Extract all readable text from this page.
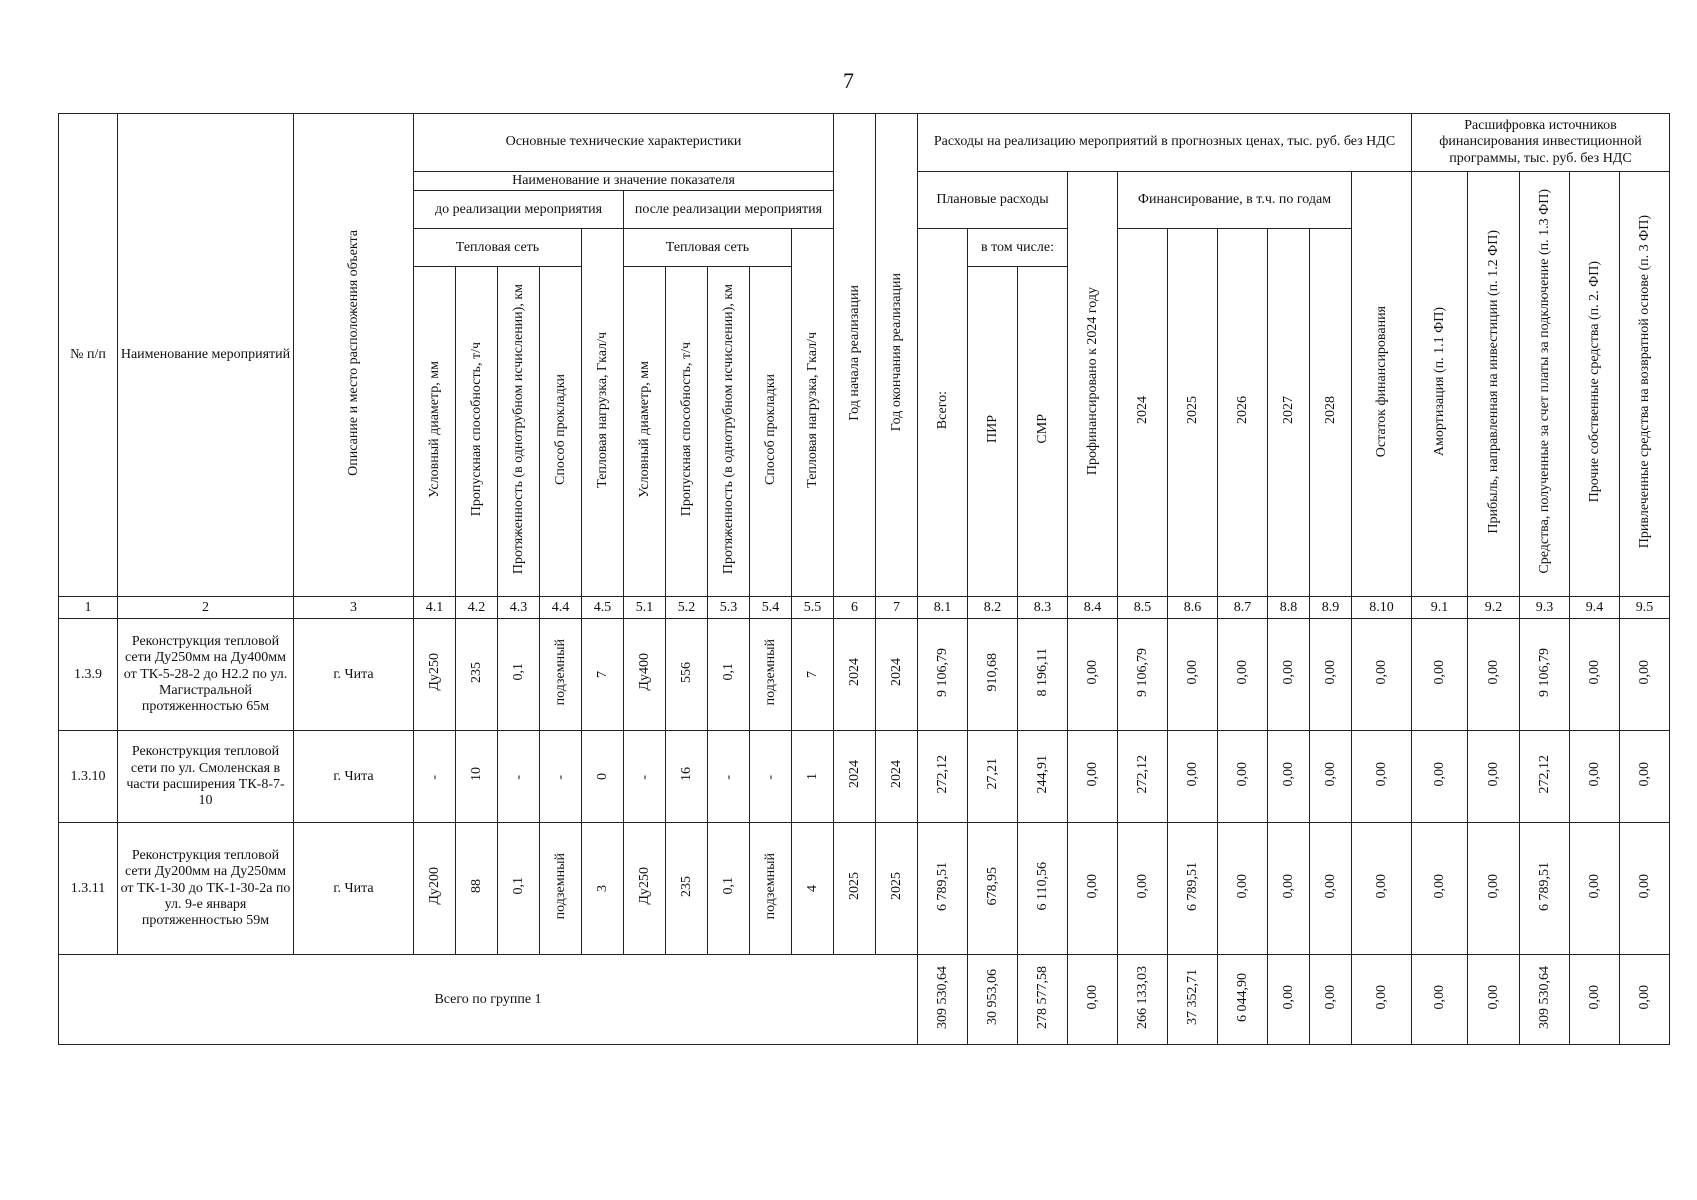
7
№ п/п	Наименование мероприятий	Описание и место расположения объекта	Основные технические характеристики										Год начала реализации	Год окончания реализации	Расходы на реализацию мероприятий в прогнозных ценах, тыс. руб. без НДС										Расшифровка источников финансирования инвестиционной программы, тыс. руб. без НДС				
			Наименование и значение показателя												Плановые расходы			Профинансировано к 2024 году	Финансирование, в т.ч. по годам					Остаток финансирования	Амортизация (п. 1.1 ФП)	Прибыль, направленная на инвестиции (п. 1.2 ФП)	Средства, полученные за счет платы за подключение (п. 1.3 ФП)	Прочие собственные средства (п. 2. ФП)	Привлеченные средства на возвратной основе (п. 3 ФП)
			до реализации мероприятия					после реализации мероприятия																					
			Тепловая сеть				Тепловая нагрузка, Гкал/ч	Тепловая сеть				Тепловая нагрузка, Гкал/ч			Всего:	в том числе:			2024	2025	2026	2027	2028						
			Условный диаметр, мм	Пропускная способность, т/ч	Протяженность (в однотрубном исчислении), км	Способ прокладки		Условный диаметр, мм	Пропускная способность, т/ч	Протяженность (в однотрубном исчислении), км	Способ прокладки					ПИР	СМР												

1	2	3	4.1	4.2	4.3	4.4	4.5	5.1	5.2	5.3	5.4	5.5	6	7	8.1	8.2	8.3	8.4	8.5	8.6	8.7	8.8	8.9	8.10	9.1	9.2	9.3	9.4	9.5
1.3.9	Реконструкция тепловой сети Ду250мм на Ду400мм от ТК-5-28-2 до Н2.2 по ул. Магистральной протяженностью 65м	г. Чита	Ду250	235	0,1	подземный	7	Ду400	556	0,1	подземный	7	2024	2024	9 106,79	910,68	8 196,11	0,00	9 106,79	0,00	0,00	0,00	0,00	0,00	0,00	0,00	9 106,79	0,00	0,00
1.3.10	Реконструкция тепловой сети по ул. Смоленская в части расширения ТК-8-7-10	г. Чита	-	10	-	-	0	-	16	-	-	1	2024	2024	272,12	27,21	244,91	0,00	272,12	0,00	0,00	0,00	0,00	0,00	0,00	0,00	272,12	0,00	0,00
1.3.11	Реконструкция тепловой сети Ду200мм на Ду250мм от ТК-1-30 до ТК-1-30-2а по ул. 9-е января протяженностью 59м	г. Чита	Ду200	88	0,1	подземный	3	Ду250	235	0,1	подземный	4	2025	2025	6 789,51	678,95	6 110,56	0,00	0,00	6 789,51	0,00	0,00	0,00	0,00	0,00	0,00	6 789,51	0,00	0,00
Всего по группе 1															309 530,64	30 953,06	278 577,58	0,00	266 133,03	37 352,71	6 044,90	0,00	0,00	0,00	0,00	0,00	309 530,64	0,00	0,00
